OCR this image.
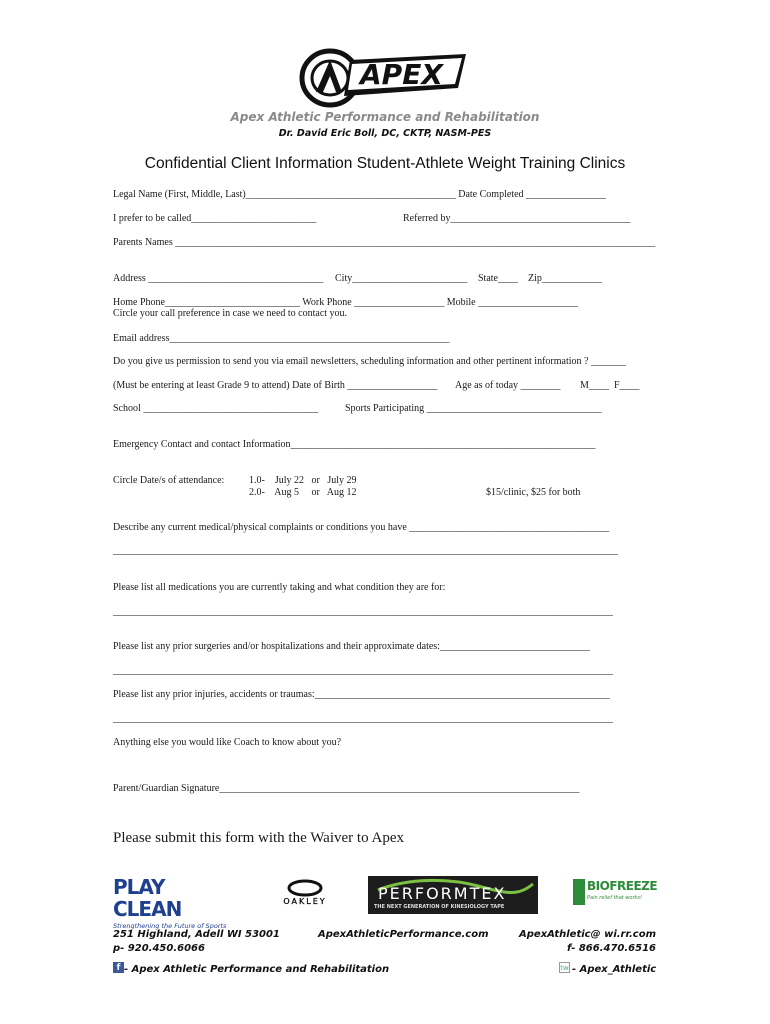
APEX
Apex Athletic Performance and Rehabilitation
Dr. David Eric Boll, DC, CKTP, NASM-PES
Confidential Client Information Student-Athlete Weight Training Clinics
Legal Name (First, Middle, Last)__________________________________________ Date Completed ________________
I prefer to be called_________________________	Referred by____________________________________
Parents Names ________________________________________________________________________________________________
Address ___________________________________ City_______________________ State____ Zip____________
Home Phone___________________________ Work Phone __________________ Mobile ____________________
Circle your call preference in case we need to contact you.
Email address________________________________________________________
Do you give us permission to send you via email newsletters, scheduling information and other pertinent information ? _______
(Must be entering at least Grade 9 to attend) Date of Birth __________________ Age as of today ________ M____ F____
School ___________________________________	Sports Participating ___________________________________
Emergency Contact and contact Information_____________________________________________________________
Circle Date/s of attendance: 1.0-    July 22   or   July 29
2.0-    Aug 5     or   Aug 12	$15/clinic, $25 for both
Describe any current medical/physical complaints or conditions you have ________________________________________
_____________________________________________________________________________________________________
Please list all medications you are currently taking and what condition they are for:
____________________________________________________________________________________________________
Please list any prior surgeries and/or hospitalizations and their approximate dates:______________________________
____________________________________________________________________________________________________
Please list any prior injuries, accidents or traumas:___________________________________________________________
____________________________________________________________________________________________________
Anything else you would like Coach to know about you?
Parent/Guardian Signature________________________________________________________________________
Please submit this form with the Waiver to Apex
PLAY CLEAN
Strengthening the Future of Sports
OAKLEY	PERFORMTEX
THE NEXT GENERATION OF KINESIOLOGY TAPE
BIOFREEZE
Pain relief that works!
251 Highland, Adell WI 53001
p- 920.450.6066
ApexAthleticPerformance.com	ApexAthletic@ wi.rr.com
f- 866.470.6516
f - Apex Athletic Performance and Rehabilitation	tw - Apex_Athletic
